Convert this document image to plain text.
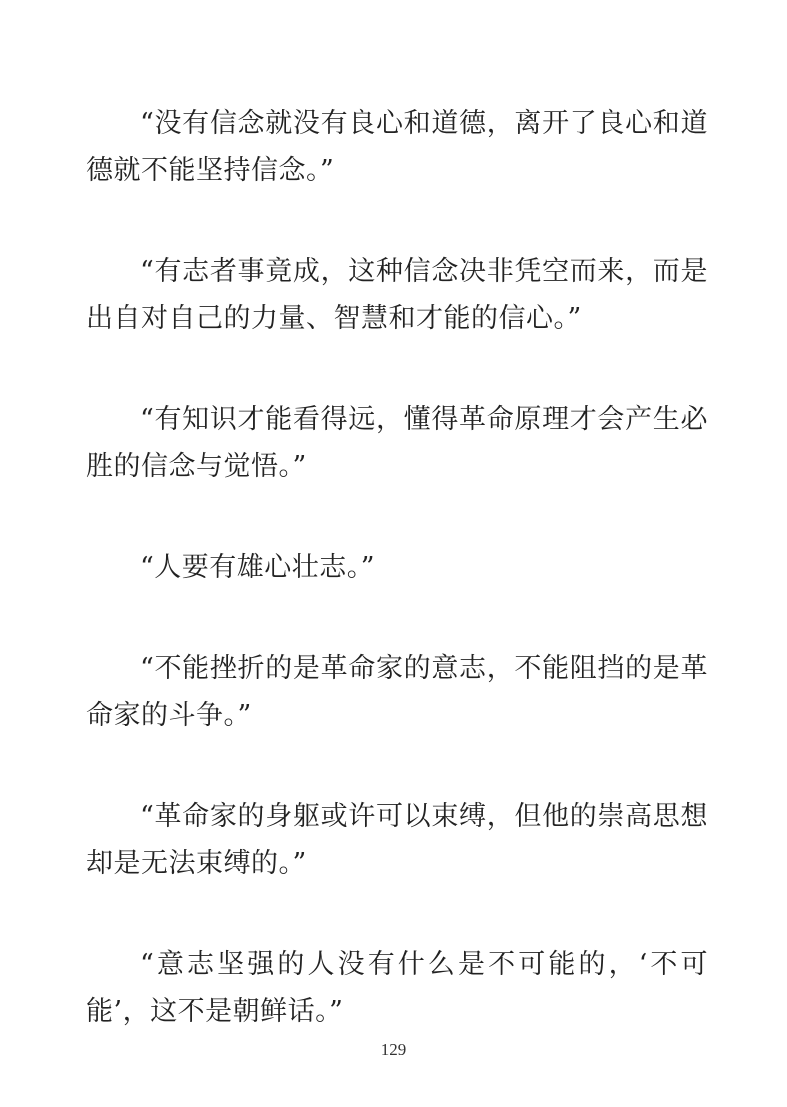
“没有信念就没有良心和道德，离开了良心和道德就不能坚持信念。”

“有志者事竟成，这种信念决非凭空而来，而是出自对自己的力量、智慧和才能的信心。”

“有知识才能看得远，懂得革命原理才会产生必胜的信念与觉悟。”

“人要有雄心壮志。”

“不能挫折的是革命家的意志，不能阻挡的是革命家的斗争。”

“革命家的身躯或许可以束缚，但他的崇高思想却是无法束缚的。”

“意志坚强的人没有什么是不可能的，‘不可能’，这不是朝鲜话。”

129
